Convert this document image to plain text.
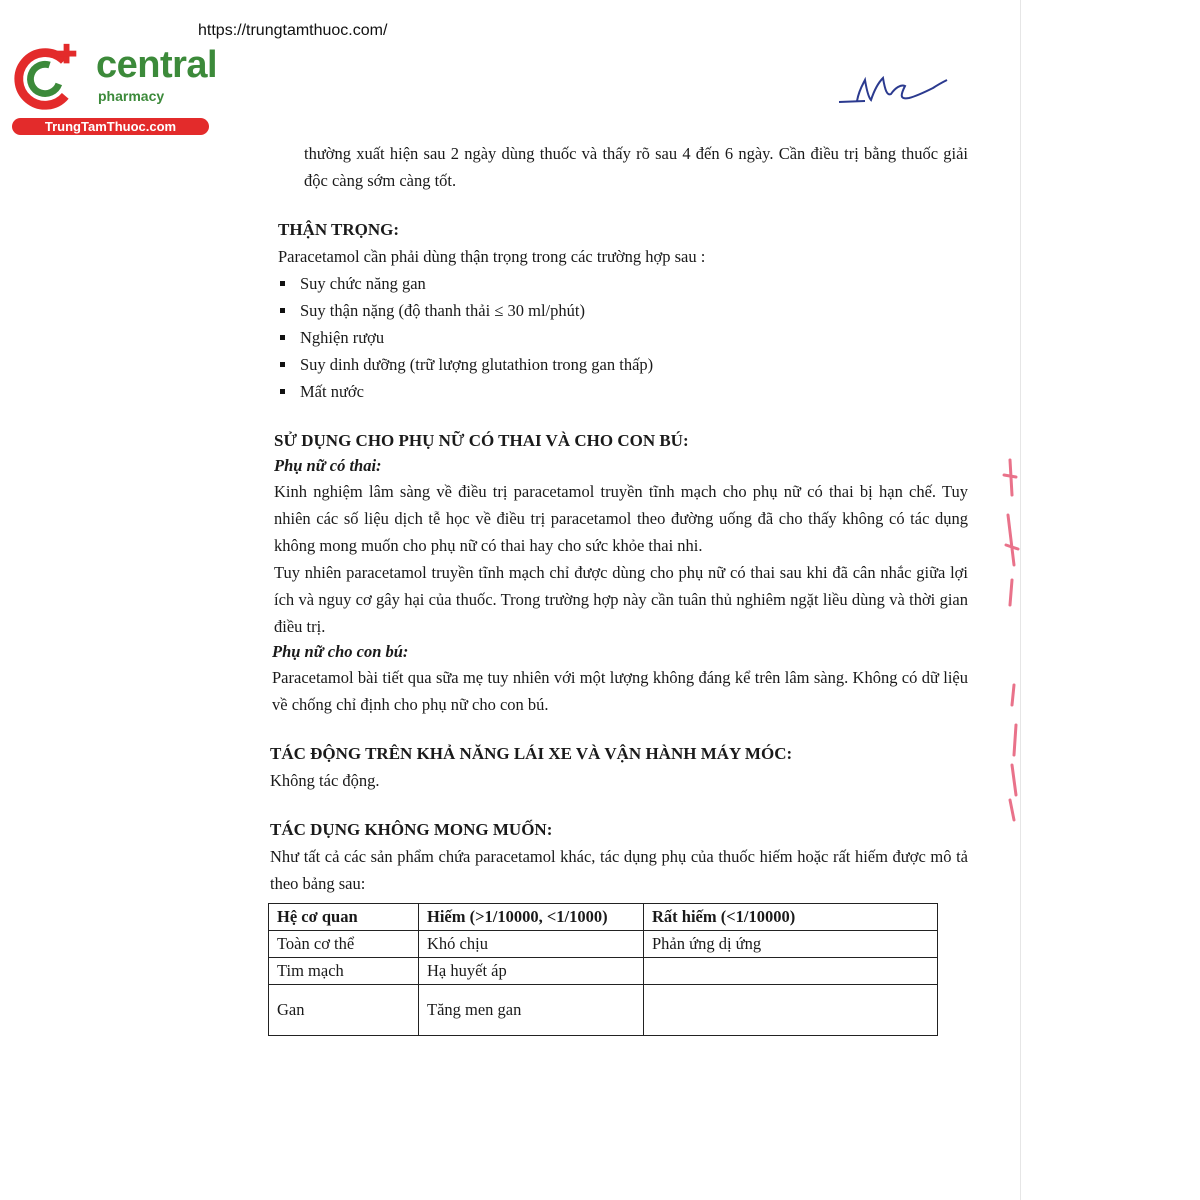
https://trungtamthuoc.com/
central
pharmacy
TrungTamThuoc.com

thường xuất hiện sau 2 ngày dùng thuốc và thấy rõ sau 4 đến 6 ngày. Cần điều trị bằng thuốc giải độc càng sớm càng tốt.

THẬN TRỌNG:

Paracetamol cần phải dùng thận trọng trong các trường hợp sau :

Suy chức năng gan
Suy thận nặng (độ thanh thải ≤ 30 ml/phút)
Nghiện rượu
Suy dinh dưỡng (trữ lượng glutathion trong gan thấp)
Mất nước
SỬ DỤNG CHO PHỤ NỮ CÓ THAI VÀ CHO CON BÚ:
Phụ nữ có thai:

Kinh nghiệm lâm sàng về điều trị paracetamol truyền tĩnh mạch cho phụ nữ có thai bị hạn chế. Tuy nhiên các số liệu dịch tễ học về điều trị paracetamol theo đường uống đã cho thấy không có tác dụng không mong muốn cho phụ nữ có thai hay cho sức khỏe thai nhi.

Tuy nhiên paracetamol truyền tĩnh mạch chỉ được dùng cho phụ nữ có thai sau khi đã cân nhắc giữa lợi ích và nguy cơ gây hại của thuốc. Trong trường hợp này cần tuân thủ nghiêm ngặt liều dùng và thời gian điều trị.

Phụ nữ cho con bú:

Paracetamol bài tiết qua sữa mẹ tuy nhiên với một lượng không đáng kể trên lâm sàng. Không có dữ liệu về chống chỉ định cho phụ nữ cho con bú.

TÁC ĐỘNG TRÊN KHẢ NĂNG LÁI XE VÀ VẬN HÀNH MÁY MÓC:

Không tác động.

TÁC DỤNG KHÔNG MONG MUỐN:

Như tất cả các sản phẩm chứa paracetamol khác, tác dụng phụ của thuốc hiếm hoặc rất hiếm được mô tả theo bảng sau:

Hệ cơ quan	Hiếm (>1/10000, <1/1000)	Rất hiếm (<1/10000)
Toàn cơ thể	Khó chịu	Phản ứng dị ứng
Tim mạch	Hạ huyết áp	
Gan	Tăng men gan	
